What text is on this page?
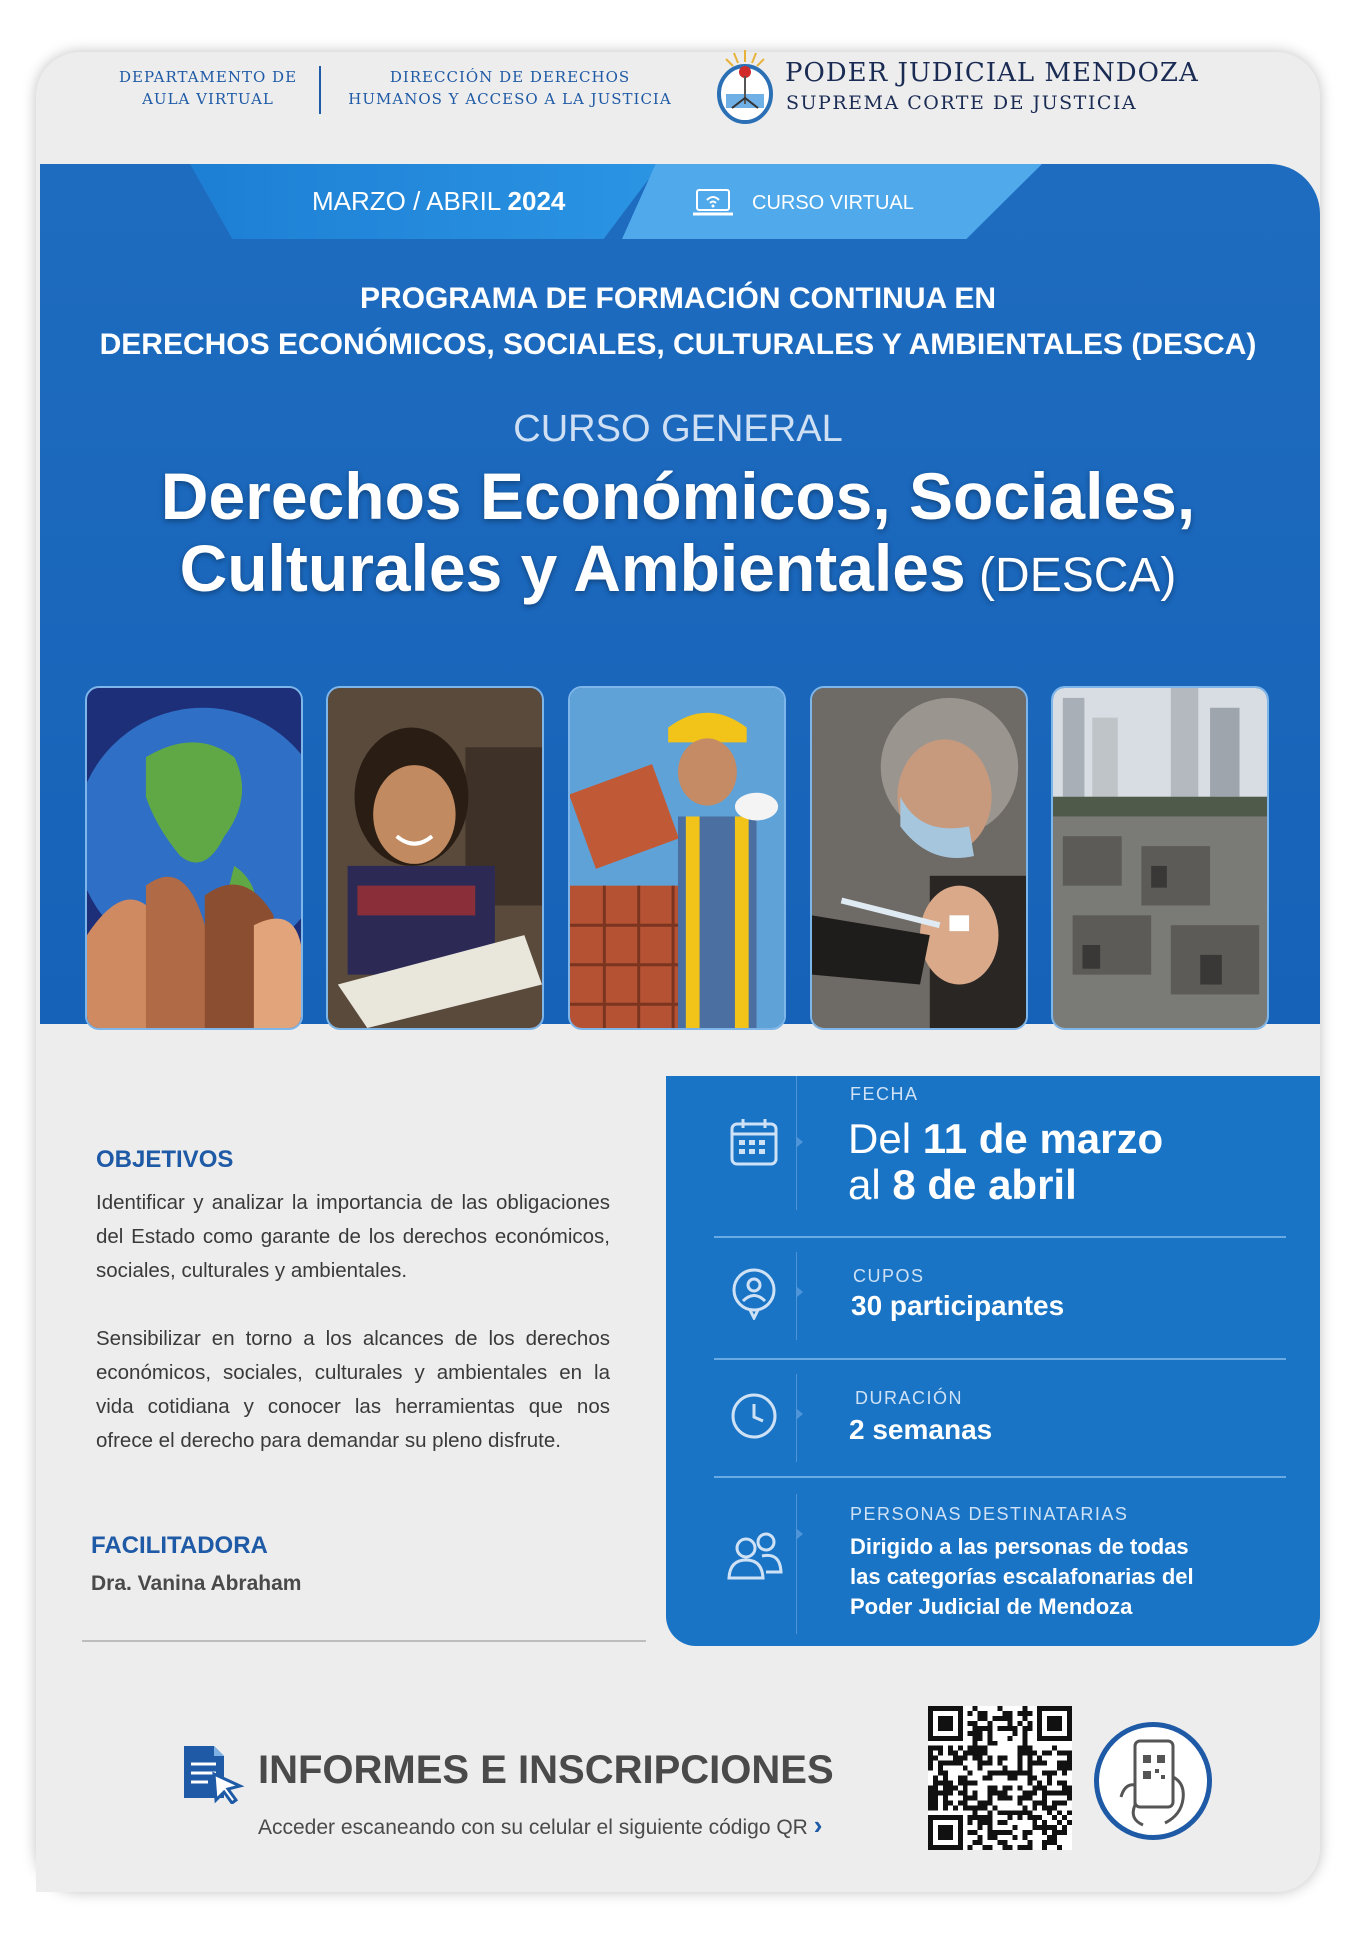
DEPARTAMENTO DE
AULA VIRTUAL
DIRECCIÓN DE DERECHOS
HUMANOS Y ACCESO A LA JUSTICIA
PODER JUDICIAL MENDOZA
SUPREMA CORTE DE JUSTICIA
MARZO / ABRIL 2024	CURSO VIRTUAL
PROGRAMA DE FORMACIÓN CONTINUA EN
DERECHOS ECONÓMICOS, SOCIALES, CULTURALES Y AMBIENTALES (DESCA)
CURSO GENERAL
Derechos Económicos, Sociales,
Culturales y Ambientales (DESCA)
OBJETIVOS
Identificar y analizar la importancia de las obligaciones del Estado como garante de los derechos económicos, sociales, culturales y ambientales.
Sensibilizar en torno a los alcances de los derechos económicos, sociales, culturales y ambientales en la vida cotidiana y conocer las herramientas que nos ofrece el derecho para demandar su pleno disfrute.
FACILITADORA
Dra. Vanina Abraham
FECHA
Del 11 de marzo
al 8 de abril
CUPOS
30 participantes
DURACIÓN
2 semanas
PERSONAS DESTINATARIAS
Dirigido a las personas de todas
las categorías escalafonarias del
Poder Judicial de Mendoza
INFORMES E INSCRIPCIONES
Acceder escaneando con su celular el siguiente código QR ›
